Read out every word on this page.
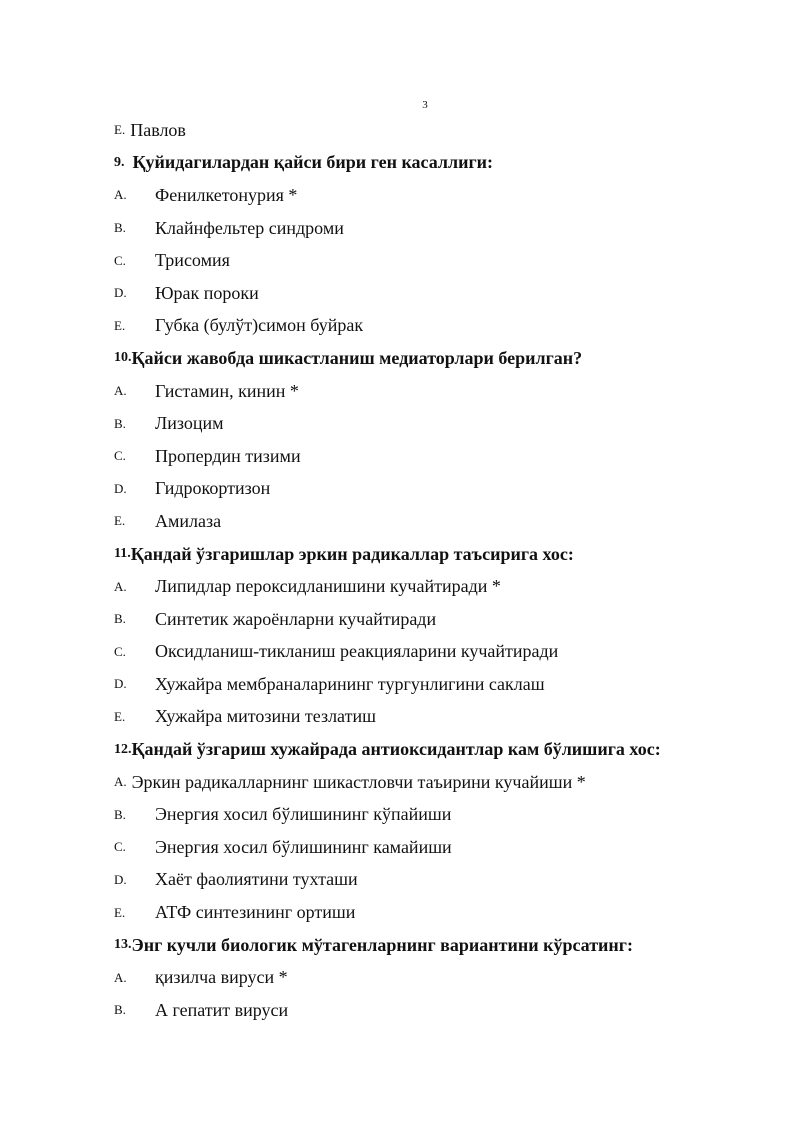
3
E. Павлов
9. Қуйидагилардан қайси бири ген касаллиги:
A.	Фенилкетонурия *
B.	Клайнфельтер синдроми
C.	Трисомия
D.	Юрак пороки
E.	Губка (булўт)симон буйрак
10. Қайси жавобда шикастланиш медиаторлари берилган?
A.	Гистамин, кинин *
B.	Лизоцим
C.	Пропердин тизими
D.	Гидрокортизон
E.	Амилаза
11. Қандай ўзгаришлар эркин радикаллар таъсирига хос:
A.	Липидлар пероксидланишини кучайтиради *
B.	Синтетик жароёнларни кучайтиради
C.	Оксидланиш-тикланиш реакцияларини кучайтиради
D.	Хужайра мембраналарининг тургунлигини саклаш
E.	Хужайра митозини тезлатиш
12. Қандай ўзгариш хужайрада антиоксидантлар кам бўлишига хос:
A. Эркин радикалларнинг шикастловчи таъирини кучайиши *
B.	Энергия хосил бўлишининг кўпайиши
C.	Энергия хосил бўлишининг камайиши
D.	Хаёт фаолиятини тухташи
E.	АТФ синтезининг ортиши
13. Энг кучли биологик мўтагенларнинг вариантини кўрсатинг:
A.	қизилча вируси *
B.	А гепатит вируси
